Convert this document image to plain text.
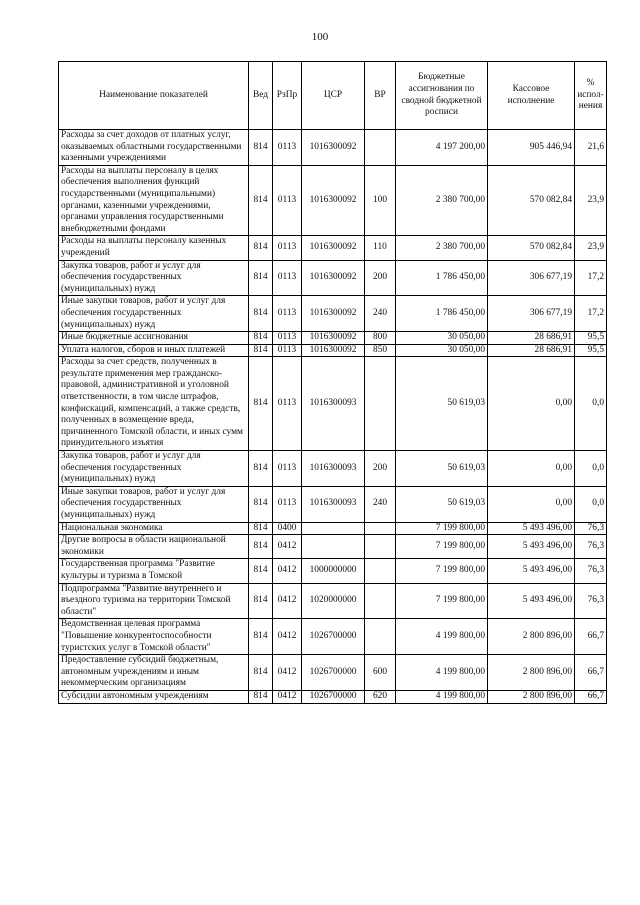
100
Наименование показателей	Вед	РзПр	ЦСР	ВР	Бюджетные ассигнования по сводной бюджетной росписи	Кассовое исполнение	% испол-нения
Расходы за счет доходов от платных услуг, оказываемых областными государственными казенными учреждениями	814	0113	1016300092		4 197 200,00	905 446,94	21,6
Расходы на выплаты персоналу в целях обеспечения выполнения функций государственными (муниципальными) органами, казенными учреждениями, органами управления государственными внебюджетными фондами	814	0113	1016300092	100	2 380 700,00	570 082,84	23,9
Расходы на выплаты персоналу казенных учреждений	814	0113	1016300092	110	2 380 700,00	570 082,84	23,9
Закупка товаров, работ и услуг для обеспечения государственных (муниципальных) нужд	814	0113	1016300092	200	1 786 450,00	306 677,19	17,2
Иные закупки товаров, работ и услуг для обеспечения государственных (муниципальных) нужд	814	0113	1016300092	240	1 786 450,00	306 677,19	17,2
Иные бюджетные ассигнования	814	0113	1016300092	800	30 050,00	28 686,91	95,5
Уплата налогов, сборов и иных платежей	814	0113	1016300092	850	30 050,00	28 686,91	95,5
Расходы за счет средств, полученных в результате применения мер гражданско-правовой, административной и уголовной ответственности, в том числе штрафов, конфискаций, компенсаций, а также средств, полученных в возмещение вреда, причиненного Томской области, и иных сумм принудительного изъятия	814	0113	1016300093		50 619,03	0,00	0,0
Закупка товаров, работ и услуг для обеспечения государственных (муниципальных) нужд	814	0113	1016300093	200	50 619,03	0,00	0,0
Иные закупки товаров, работ и услуг для обеспечения государственных (муниципальных) нужд	814	0113	1016300093	240	50 619,03	0,00	0,0
Национальная экономика	814	0400			7 199 800,00	5 493 496,00	76,3
Другие вопросы в области национальной экономики	814	0412			7 199 800,00	5 493 496,00	76,3
Государственная программа "Развитие культуры и туризма в Томской	814	0412	1000000000		7 199 800,00	5 493 496,00	76,3
Подпрограмма "Развитие внутреннего и въездного туризма на территории Томской области"	814	0412	1020000000		7 199 800,00	5 493 496,00	76,3
Ведомственная целевая программа "Повышение конкурентоспособности туристских услуг в Томской области"	814	0412	1026700000		4 199 800,00	2 800 896,00	66,7
Предоставление субсидий бюджетным, автономным учреждениям и иным некоммерческим организациям	814	0412	1026700000	600	4 199 800,00	2 800 896,00	66,7
Субсидии автономным учреждениям	814	0412	1026700000	620	4 199 800,00	2 800 896,00	66,7
